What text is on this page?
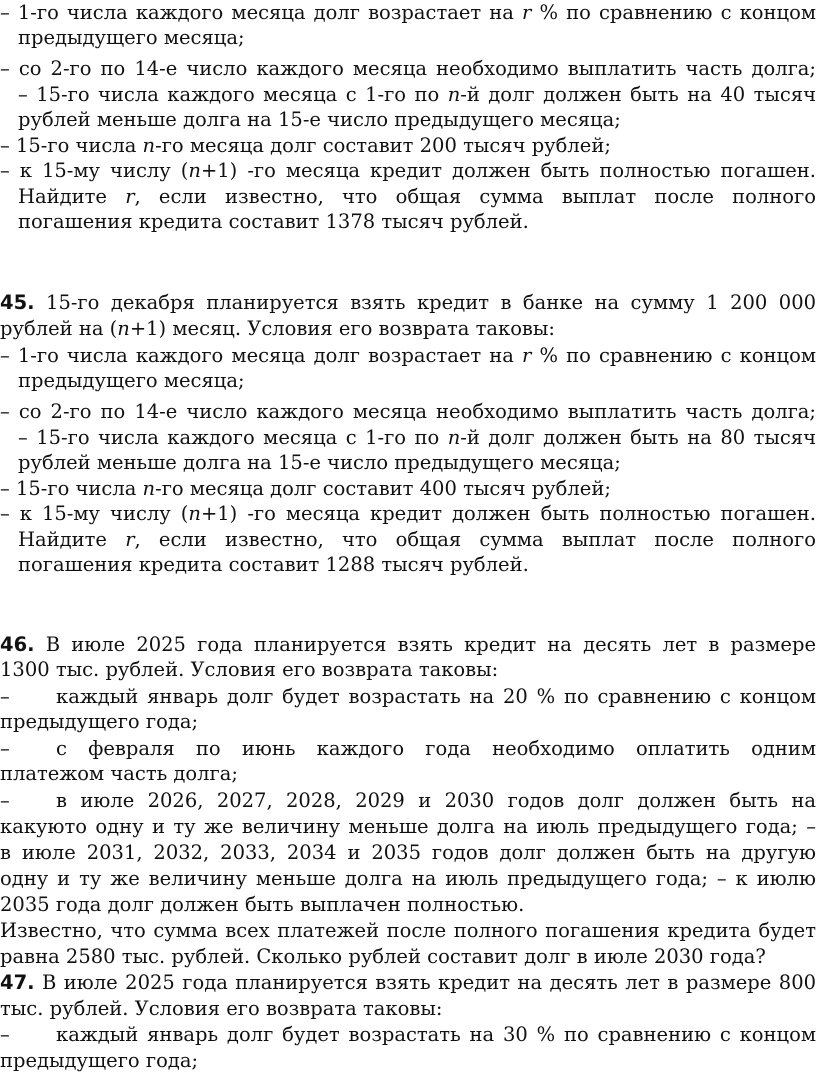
– 1-го числа каждого месяца долг возрастает на r % по сравнению с концом
предыдущего месяца;
– со 2-го по 14-е число каждого месяца необходимо выплатить часть долга;
– 15-го числа каждого месяца с 1-го по n-й долг должен быть на 40 тысяч
рублей меньше долга на 15-е число предыдущего месяца;
– 15-го числа n-го месяца долг составит 200 тысяч рублей;
– к 15-му числу (n+1) -го месяца кредит должен быть полностью погашен.
Найдите r, если известно, что общая сумма выплат после полного
погашения кредита составит 1378 тысяч рублей.
45. 15-го декабря планируется взять кредит в банке на сумму 1 200 000
рублей на (n+1) месяц. Условия его возврата таковы:
– 1-го числа каждого месяца долг возрастает на r % по сравнению с концом
предыдущего месяца;
– со 2-го по 14-е число каждого месяца необходимо выплатить часть долга;
– 15-го числа каждого месяца с 1-го по n-й долг должен быть на 80 тысяч
рублей меньше долга на 15-е число предыдущего месяца;
– 15-го числа n-го месяца долг составит 400 тысяч рублей;
– к 15-му числу (n+1) -го месяца кредит должен быть полностью погашен.
Найдите r, если известно, что общая сумма выплат после полного
погашения кредита составит 1288 тысяч рублей.
46. В июле 2025 года планируется взять кредит на десять лет в размере
1300 тыс. рублей. Условия его возврата таковы:
– каждый январь долг будет возрастать на 20 % по сравнению с концом
предыдущего года;
– с февраля по июнь каждого года необходимо оплатить одним
платежом часть долга;
– в июле 2026, 2027, 2028, 2029 и 2030 годов долг должен быть на
какуюто одну и ту же величину меньше долга на июль предыдущего года; –
в июле 2031, 2032, 2033, 2034 и 2035 годов долг должен быть на другую
одну и ту же величину меньше долга на июль предыдущего года; – к июлю
2035 года долг должен быть выплачен полностью.
Известно, что сумма всех платежей после полного погашения кредита будет
равна 2580 тыс. рублей. Сколько рублей составит долг в июле 2030 года?
47. В июле 2025 года планируется взять кредит на десять лет в размере 800
тыс. рублей. Условия его возврата таковы:
– каждый январь долг будет возрастать на 30 % по сравнению с концом
предыдущего года;
